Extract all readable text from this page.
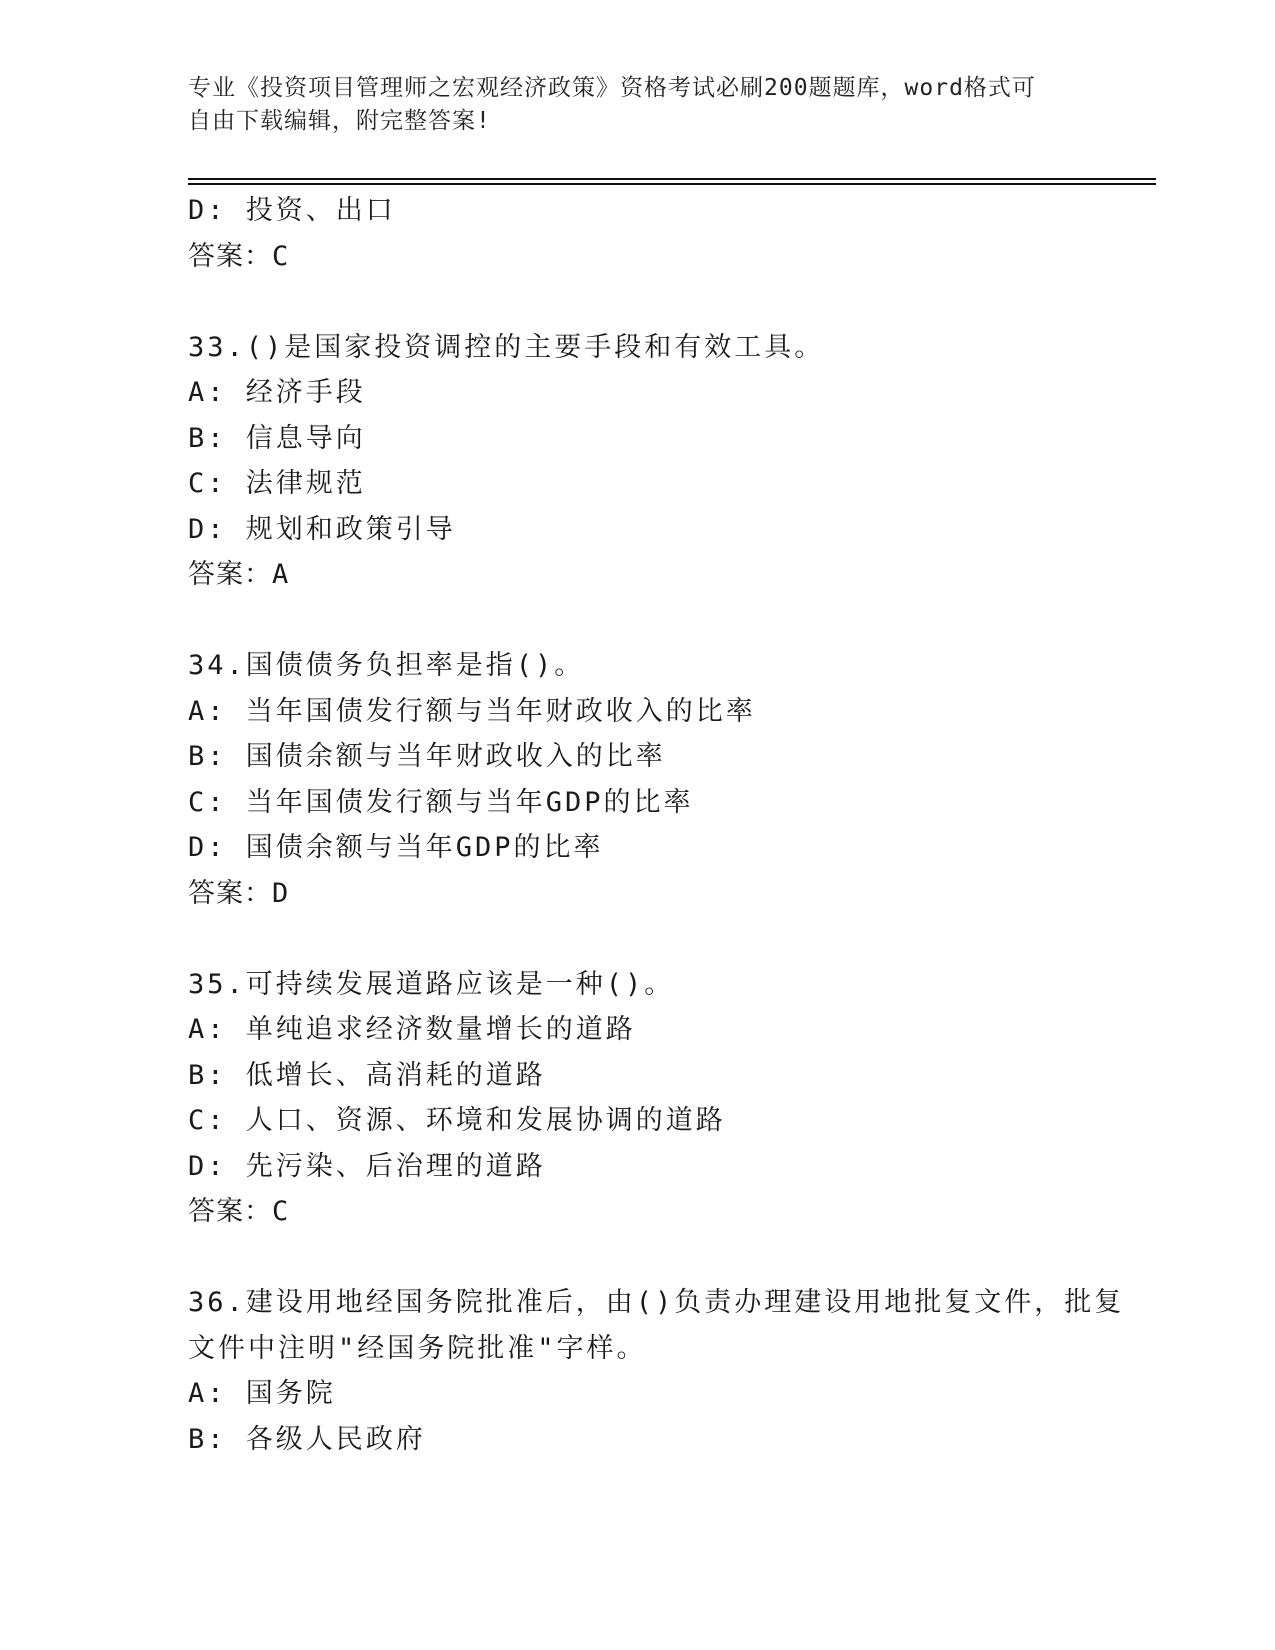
专业《投资项目管理师之宏观经济政策》资格考试必刷200题题库，word格式可
自由下载编辑，附完整答案!
D: 投资、出口
答案：C
33.()是国家投资调控的主要手段和有效工具。
A: 经济手段
B: 信息导向
C: 法律规范
D: 规划和政策引导
答案：A
34.国债债务负担率是指()。
A: 当年国债发行额与当年财政收入的比率
B: 国债余额与当年财政收入的比率
C: 当年国债发行额与当年GDP的比率
D: 国债余额与当年GDP的比率
答案：D
35.可持续发展道路应该是一种()。
A: 单纯追求经济数量增长的道路
B: 低增长、高消耗的道路
C: 人口、资源、环境和发展协调的道路
D: 先污染、后治理的道路
答案：C
36.建设用地经国务院批准后，由()负责办理建设用地批复文件，批复
文件中注明"经国务院批准"字样。
A: 国务院
B: 各级人民政府
